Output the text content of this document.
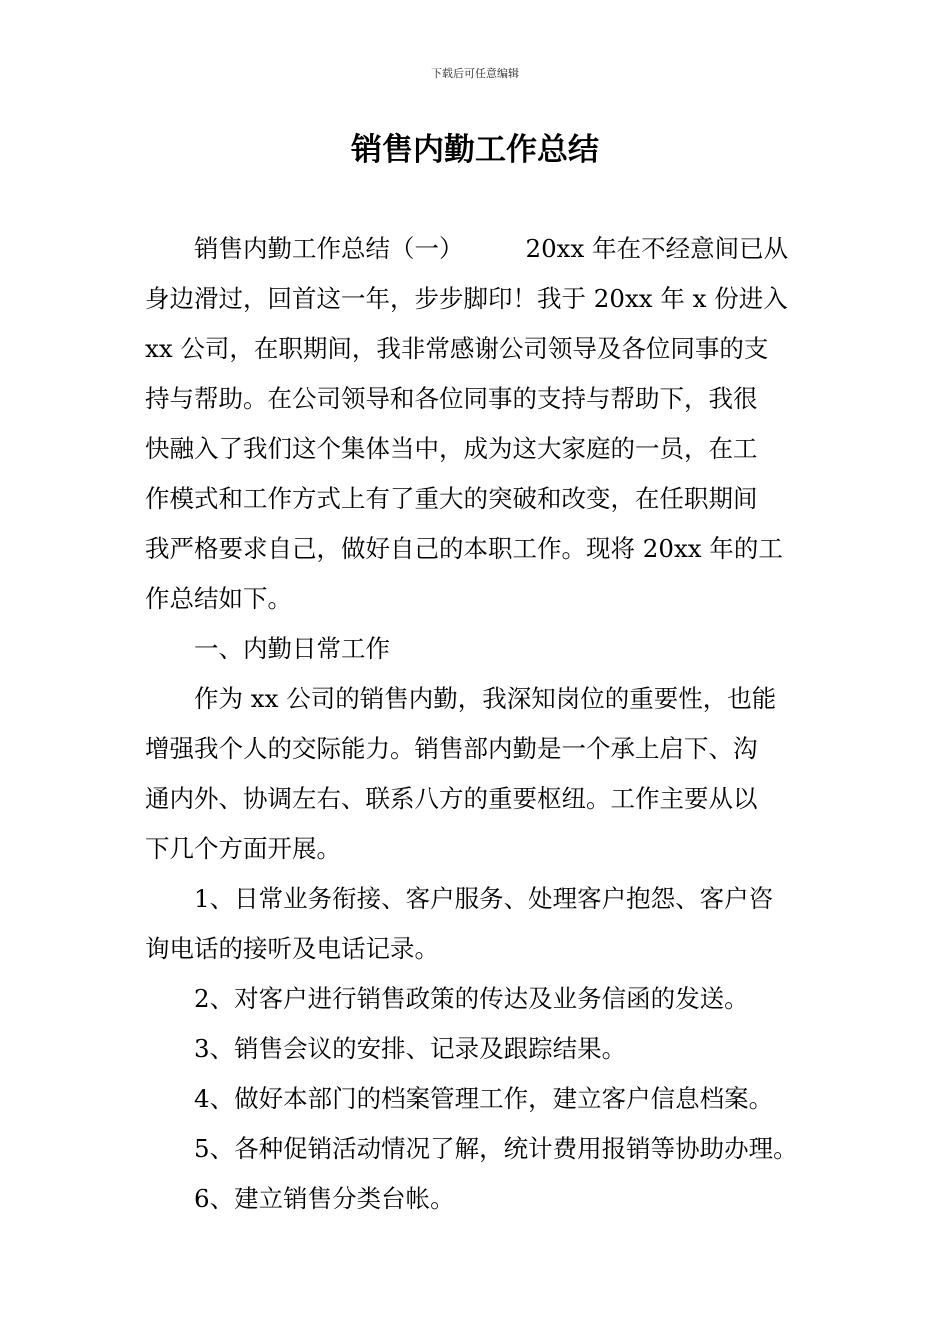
下载后可任意编辑
销售内勤工作总结
销售内勤工作总结（一）	20xx 年在不经意间已从
身边滑过，回首这一年，步步脚印！我于 20xx 年 x 份进入
xx 公司，在职期间，我非常感谢公司领导及各位同事的支
持与帮助。在公司领导和各位同事的支持与帮助下，我很
快融入了我们这个集体当中，成为这大家庭的一员，在工
作模式和工作方式上有了重大的突破和改变，在任职期间
我严格要求自己，做好自己的本职工作。现将 20xx 年的工
作总结如下。
一、内勤日常工作
作为 xx 公司的销售内勤，我深知岗位的重要性，也能
增强我个人的交际能力。销售部内勤是一个承上启下、沟
通内外、协调左右、联系八方的重要枢纽。工作主要从以
下几个方面开展。
1、日常业务衔接、客户服务、处理客户抱怨、客户咨
询电话的接听及电话记录。
2、对客户进行销售政策的传达及业务信函的发送。
3、销售会议的安排、记录及跟踪结果。
4、做好本部门的档案管理工作，建立客户信息档案。
5、各种促销活动情况了解，统计费用报销等协助办理。
6、建立销售分类台帐。
